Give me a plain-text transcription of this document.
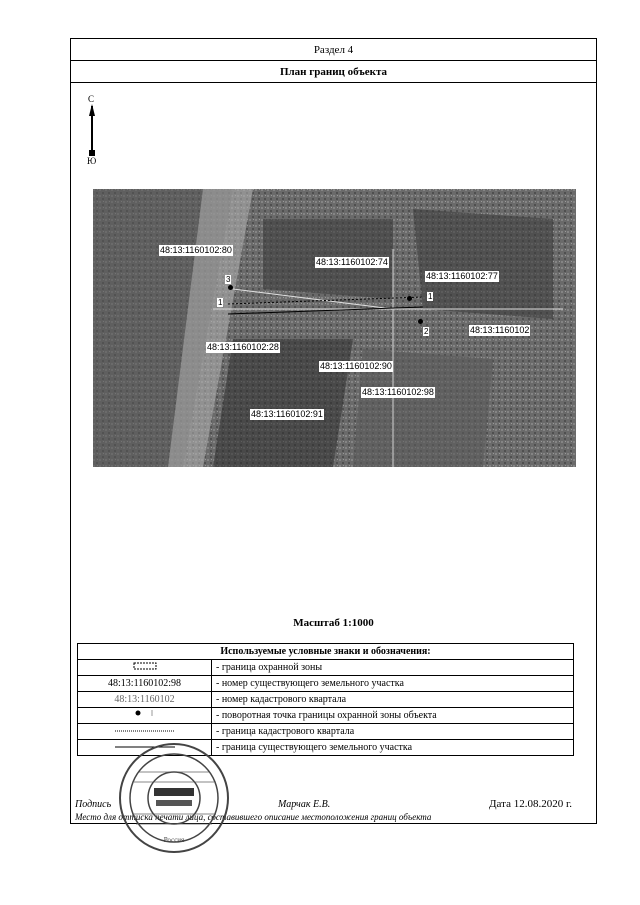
Раздел 4
План границ объекта
С
Ю
48:13:1160102:80
48:13:1160102:74
48:13:1160102:77
48:13:1160102
48:13:1160102:28
48:13:1160102:90
48:13:1160102:98
48:13:1160102:91
3
1
1
2
Масштаб 1:1000
Используемые условные знаки и обозначения:	
	- граница охранной зоны
48:13:1160102:98	- номер существующего земельного участка
48:13:1160102	- номер кадастрового квартала
	- поворотная точка границы охранной зоны объекта
	- граница кадастрового квартала
	- граница существующего земельного участка
Подпись	Марчак Е.В.	Дата 12.08.2020 г.
Место для оттиска печати лица, составившего описание местоположения границ объекта
Россия
